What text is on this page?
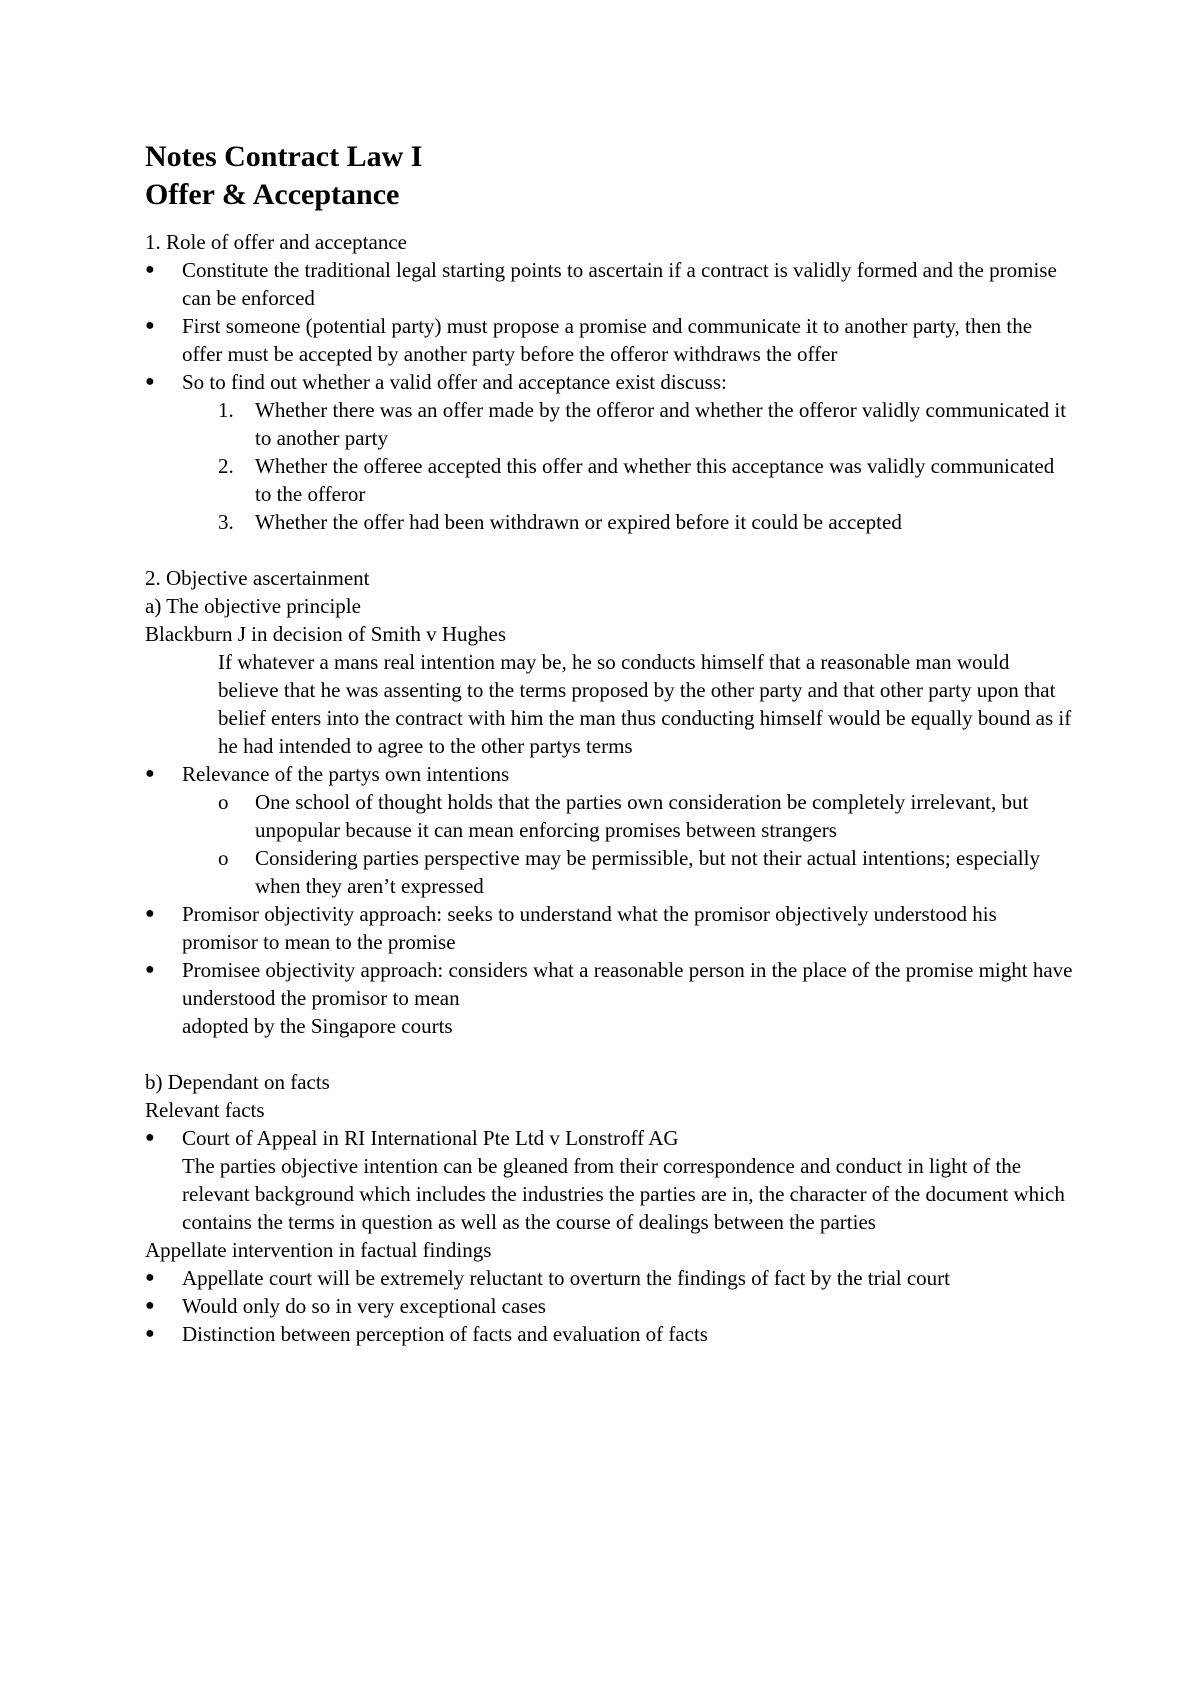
Notes Contract Law I

Offer & Acceptance

1. Role of offer and acceptance

●	Constitute the traditional legal starting points to ascertain if a contract is validly formed and the promise can be enforced
●	First someone (potential party) must propose a promise and communicate it to another party, then the offer must be accepted by another party before the offeror withdraws the offer
●	So to find out whether a valid offer and acceptance exist discuss:
1.	Whether there was an offer made by the offeror and whether the offeror validly communicated it to another party
2.	Whether the offeree accepted this offer and whether this acceptance was validly communicated to the offeror
3.	Whether the offer had been withdrawn or expired before it could be accepted

2. Objective ascertainment

a) The objective principle

Blackburn J in decision of Smith v Hughes

If whatever a mans real intention may be, he so conducts himself that a reasonable man would believe that he was assenting to the terms proposed by the other party and that other party upon that belief enters into the contract with him the man thus conducting himself would be equally bound as if he had intended to agree to the other partys terms

●	Relevance of the partys own intentions
o	One school of thought holds that the parties own consideration be completely irrelevant, but unpopular because it can mean enforcing promises between strangers
o	Considering parties perspective may be permissible, but not their actual intentions; especially when they aren’t expressed
●	Promisor objectivity approach: seeks to understand what the promisor objectively understood his promisor to mean to the promise
●	Promisee objectivity approach: considers what a reasonable person in the place of the promise might have understood the promisor to mean

adopted by the Singapore courts

b) Dependant on facts

Relevant facts

●	Court of Appeal in RI International Pte Ltd v Lonstroff AG

The parties objective intention can be gleaned from their correspondence and conduct in light of the relevant background which includes the industries the parties are in, the character of the document which contains the terms in question as well as the course of dealings between the parties

Appellate intervention in factual findings

●	Appellate court will be extremely reluctant to overturn the findings of fact by the trial court
●	Would only do so in very exceptional cases
●	Distinction between perception of facts and evaluation of facts
